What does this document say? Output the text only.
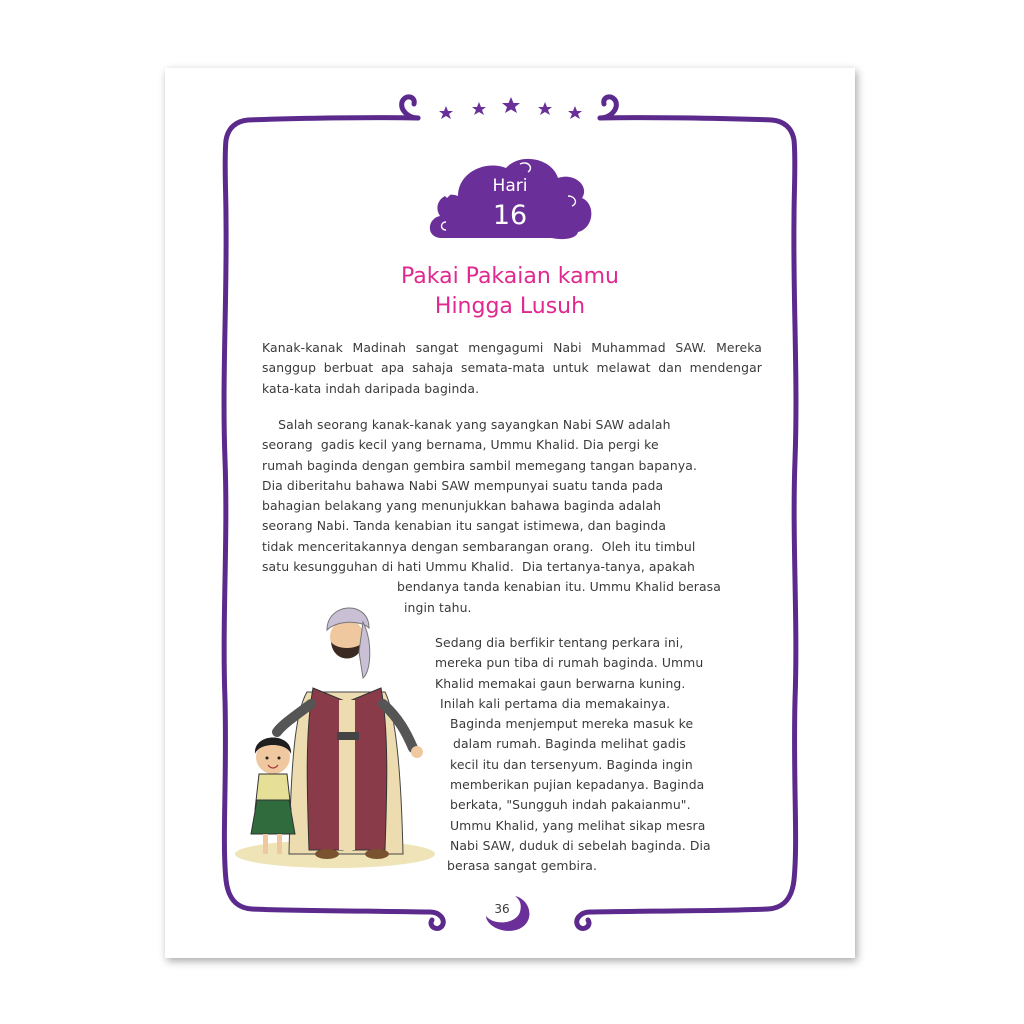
Hari
16
Pakai Pakaian kamu
Hingga Lusuh
Kanak-kanak Madinah sangat mengagumi Nabi Muhammad SAW. Mereka sanggup berbuat apa sahaja semata-mata untuk melawat dan mendengar kata-kata indah daripada baginda.
Salah seorang kanak-kanak yang sayangkan Nabi SAW adalah
seorang  gadis kecil yang bernama, Ummu Khalid. Dia pergi ke
rumah baginda dengan gembira sambil memegang tangan bapanya.
Dia diberitahu bahawa Nabi SAW mempunyai suatu tanda pada
bahagian belakang yang menunjukkan bahawa baginda adalah
seorang Nabi. Tanda kenabian itu sangat istimewa, dan baginda
tidak menceritakannya dengan sembarangan orang.  Oleh itu timbul
satu kesungguhan di hati Ummu Khalid.  Dia tertanya-tanya, apakah
bendanya tanda kenabian itu. Ummu Khalid berasa
ingin tahu.
Sedang dia berfikir tentang perkara ini,
mereka pun tiba di rumah baginda. Ummu
Khalid memakai gaun berwarna kuning.
Inilah kali pertama dia memakainya.
Baginda menjemput mereka masuk ke
dalam rumah. Baginda melihat gadis
kecil itu dan tersenyum. Baginda ingin
memberikan pujian kepadanya. Baginda
berkata, "Sungguh indah pakaianmu".
Ummu Khalid, yang melihat sikap mesra
Nabi SAW, duduk di sebelah baginda. Dia
berasa sangat gembira.
36
